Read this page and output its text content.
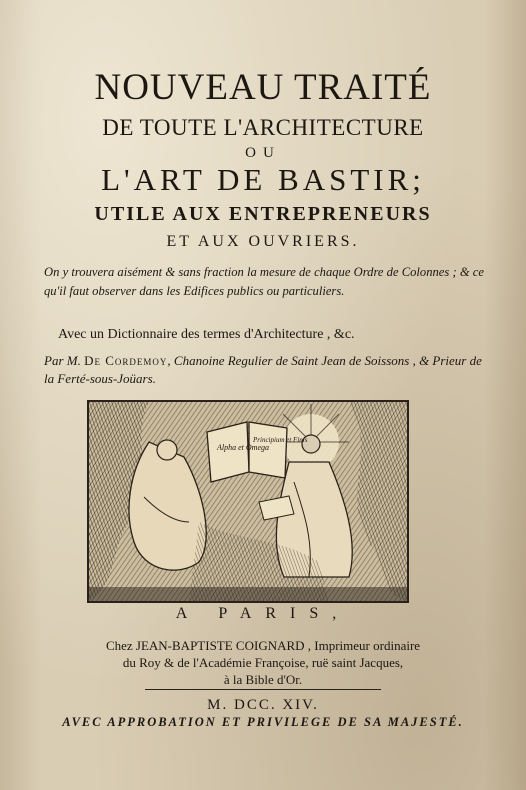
NOUVEAU TRAITÉ
DE TOUTE L'ARCHITECTURE
OU
L'ART DE BASTIR;
UTILE AUX ENTREPRENEURS
ET AUX OUVRIERS.
On y trouvera aisément & sans fraction la mesure de chaque Ordre de Colonnes ; & ce qu'il faut observer dans les Edifices publics ou particuliers.
Avec un Dictionnaire des termes d'Architecture , &c.
Par M. De Cordemoy, Chanoine Regulier de Saint Jean de Soissons , & Prieur de la Ferté-sous-Joüars.
Alpha et Omega
Principium et Finis
A PARIS,
Chez JEAN-BAPTISTE COIGNARD , Imprimeur ordinaire
du Roy & de l'Académie Françoise, ruë saint Jacques,
à la Bible d'Or.
M. DCC. XIV.
AVEC APPROBATION ET PRIVILEGE DE SA MAJESTÉ.
